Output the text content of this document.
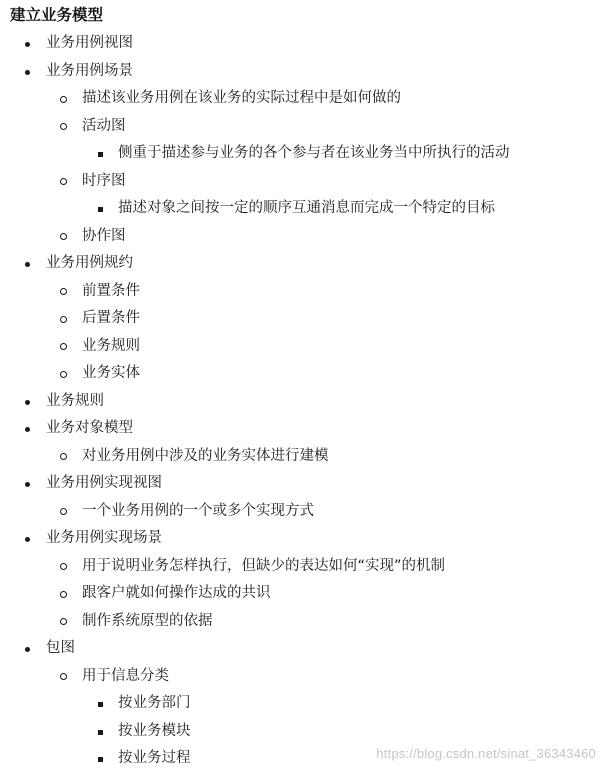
建立业务模型
业务用例视图
业务用例场景
描述该业务用例在该业务的实际过程中是如何做的
活动图
侧重于描述参与业务的各个参与者在该业务当中所执行的活动
时序图
描述对象之间按一定的顺序互通消息而完成一个特定的目标
协作图
业务用例规约
前置条件
后置条件
业务规则
业务实体
业务规则
业务对象模型
对业务用例中涉及的业务实体进行建模
业务用例实现视图
一个业务用例的一个或多个实现方式
业务用例实现场景
用于说明业务怎样执行，但缺少的表达如何“实现”的机制
跟客户就如何操作达成的共识
制作系统原型的依据
包图
用于信息分类
按业务部门
按业务模块
按业务过程	https://blog.csdn.net/sinat_36343460
